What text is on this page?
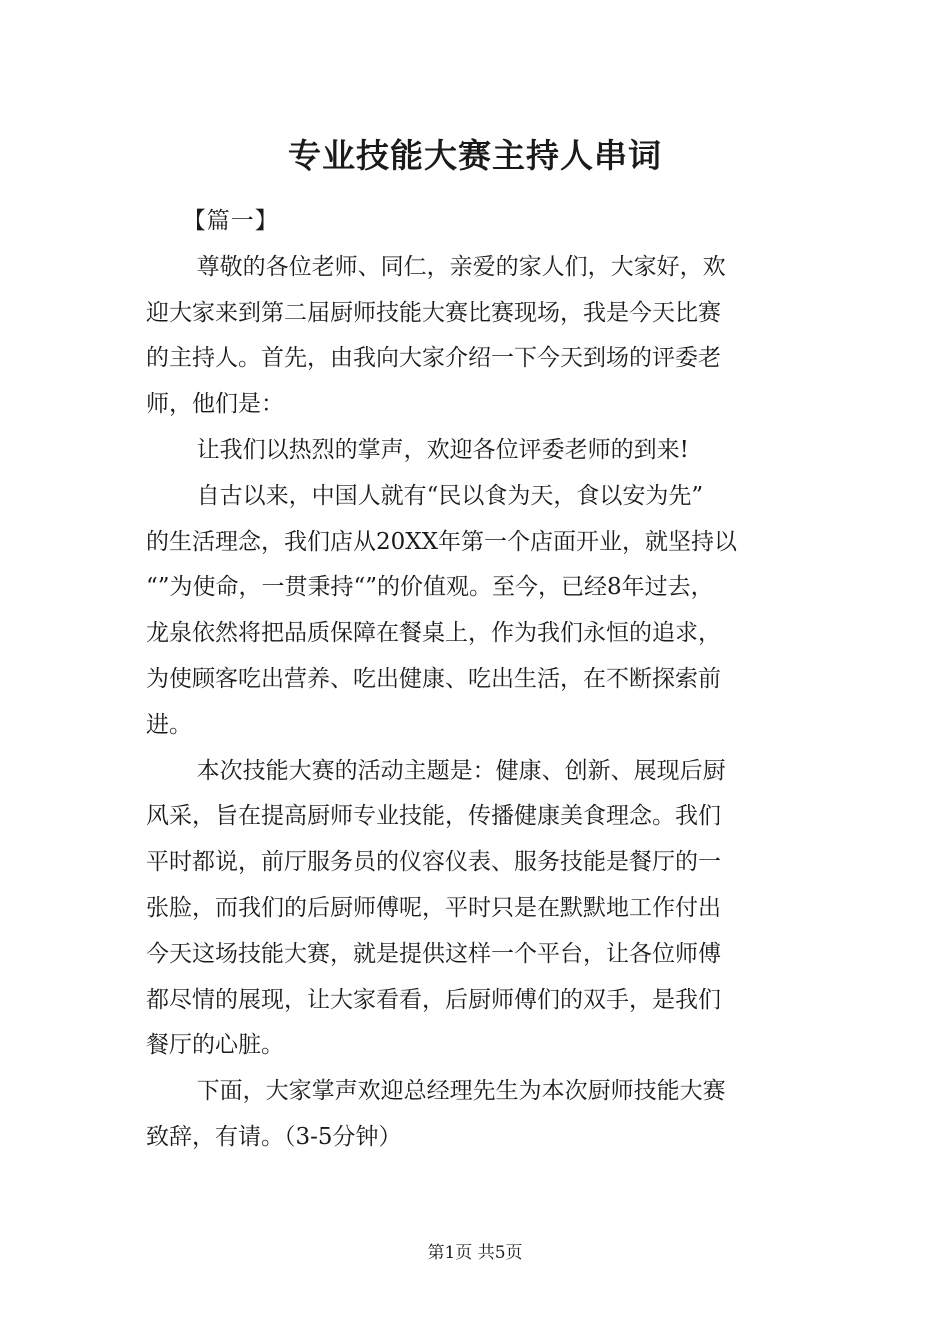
专业技能大赛主持人串词
【篇一】
尊敬的各位老师、同仁，亲爱的家人们，大家好，欢
迎大家来到第二届厨师技能大赛比赛现场，我是今天比赛
的主持人。首先，由我向大家介绍一下今天到场的评委老
师，他们是：
让我们以热烈的掌声，欢迎各位评委老师的到来!
自古以来，中国人就有“民以食为天，食以安为先”
的生活理念，我们店从20XX年第一个店面开业，就坚持以
“”为使命，一贯秉持“”的价值观。至今，已经8年过去，
龙泉依然将把品质保障在餐桌上，作为我们永恒的追求，
为使顾客吃出营养、吃出健康、吃出生活，在不断探索前
进。
本次技能大赛的活动主题是：健康、创新、展现后厨
风采，旨在提高厨师专业技能，传播健康美食理念。我们
平时都说，前厅服务员的仪容仪表、服务技能是餐厅的一
张脸，而我们的后厨师傅呢，平时只是在默默地工作付出
今天这场技能大赛，就是提供这样一个平台，让各位师傅
都尽情的展现，让大家看看，后厨师傅们的双手，是我们
餐厅的心脏。
下面，大家掌声欢迎总经理先生为本次厨师技能大赛
致辞，有请。（3-5分钟）
第1页 共5页
